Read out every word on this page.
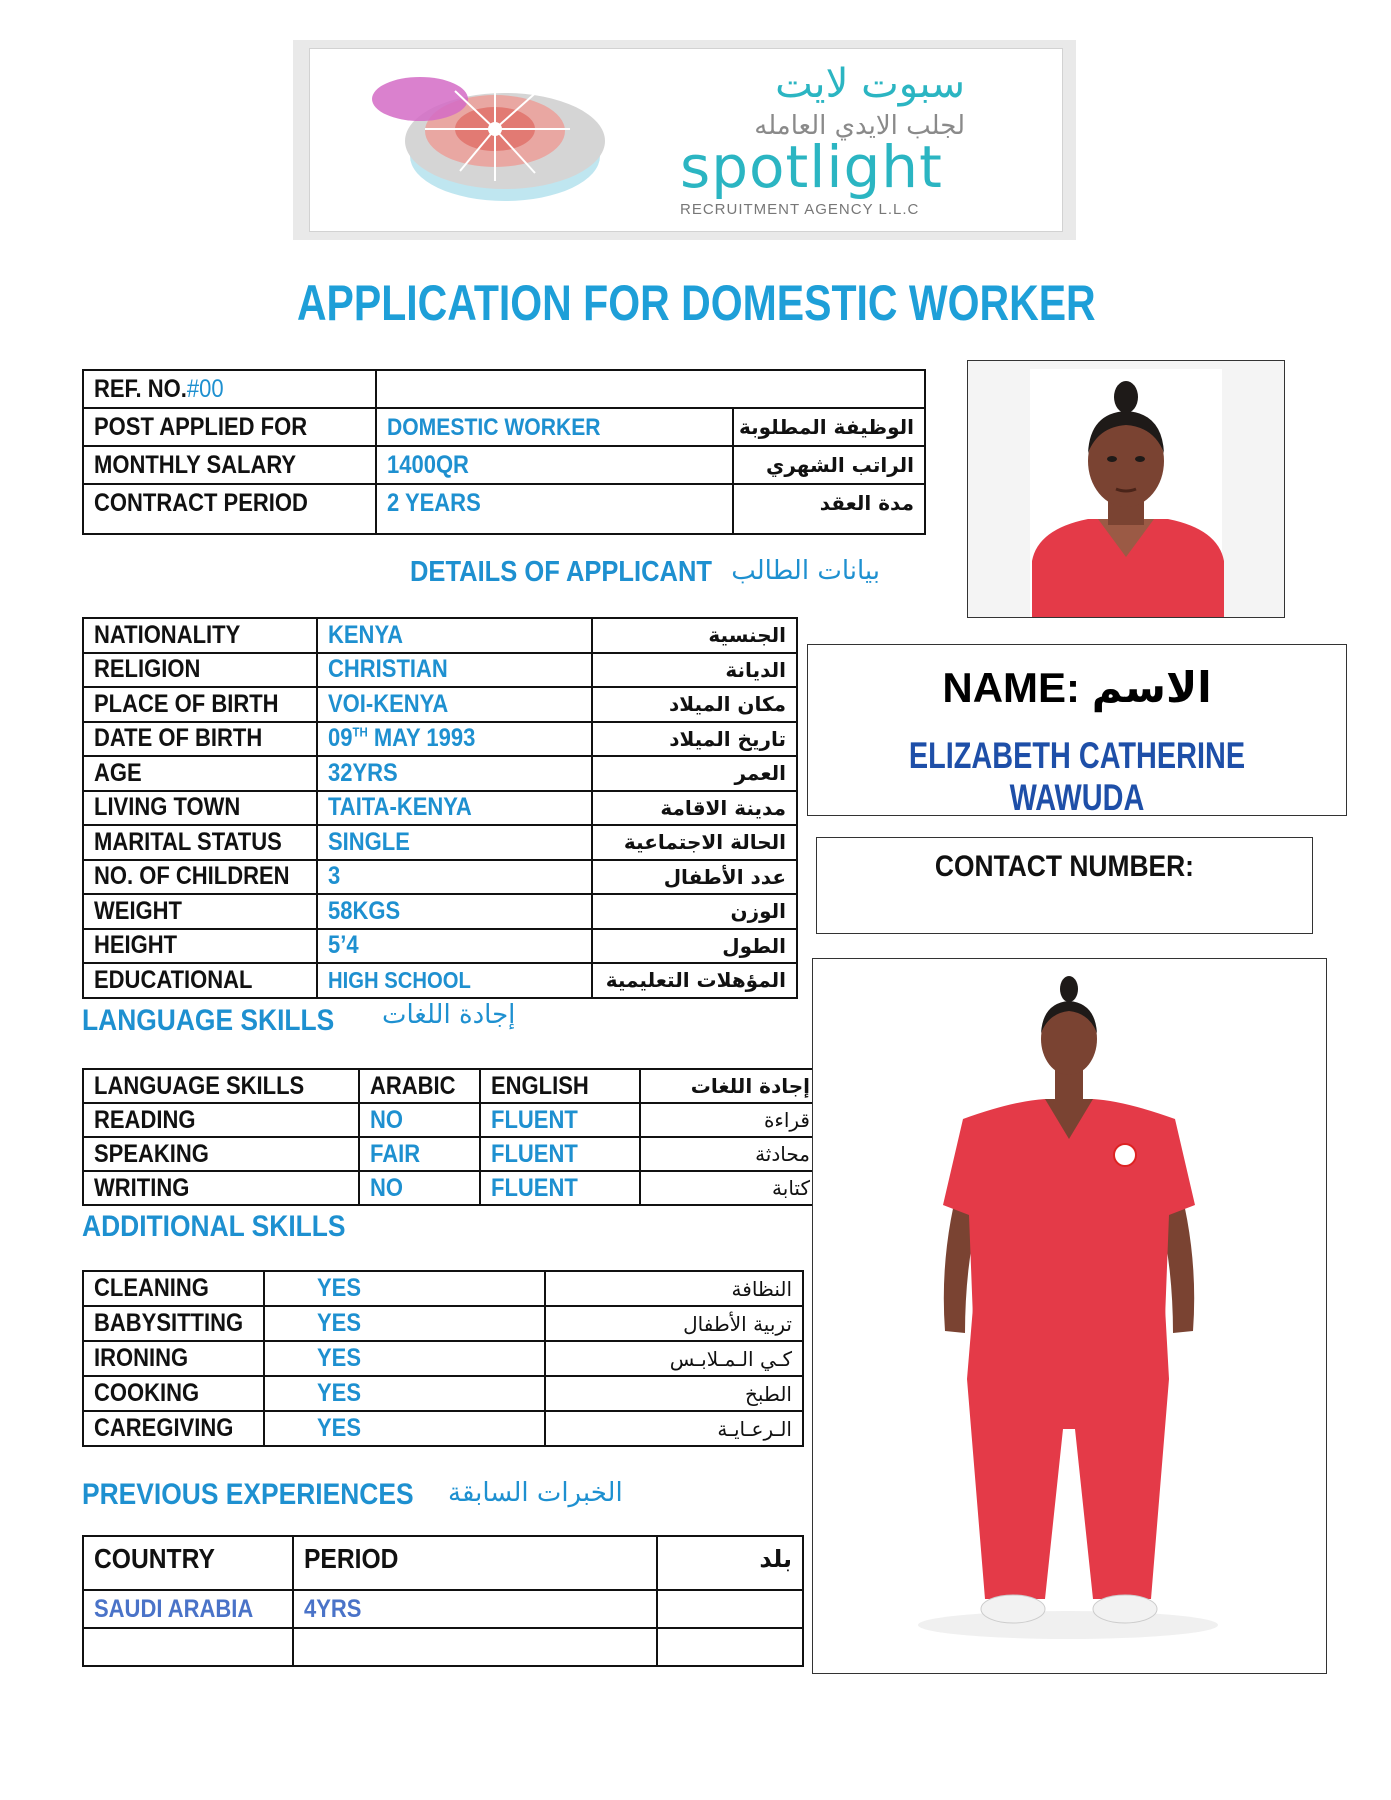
سبوت لايت
لجلب الايدي العامله
spotlight
RECRUITMENT AGENCY L.L.C
APPLICATION FOR DOMESTIC WORKER
REF. NO.#00		
POST APPLIED FOR	DOMESTIC WORKER	الوظيفة المطلوبة
MONTHLY SALARY	1400QR	الراتب الشهري
CONTRACT PERIOD	2 YEARS	مدة العقد
DETAILS OF APPLICANT بيانات الطالب
NATIONALITY	KENYA	الجنسية
RELIGION	CHRISTIAN	الديانة
PLACE OF BIRTH	VOI-KENYA	مكان الميلاد
DATE OF BIRTH	09TH MAY 1993	تاريخ الميلاد
AGE	32YRS	العمر
LIVING TOWN	TAITA-KENYA	مدينة الاقامة
MARITAL STATUS	SINGLE	الحالة الاجتماعية
NO. OF CHILDREN	3	عدد الأطفال
WEIGHT	58KGS	الوزن
HEIGHT	5’4	الطول
EDUCATIONAL	HIGH SCHOOL	المؤهلات التعليمية
NAME: الاسم
ELIZABETH CATHERINE WAWUDA
CONTACT NUMBER:
LANGUAGE SKILLS إجادة اللغات
LANGUAGE SKILLS	ARABIC	ENGLISH	إجادة اللغات
READING	NO	FLUENT	قراءة
SPEAKING	FAIR	FLUENT	محادثة
WRITING	NO	FLUENT	كتابة
ADDITIONAL SKILLS
CLEANING	YES	النظافة
BABYSITTING	YES	تربية الأطفال
IRONING	YES	كـي الـمـلابـس
COOKING	YES	الطبخ
CAREGIVING	YES	الـرعـايـة
PREVIOUS EXPERIENCES الخبرات السابقة
COUNTRY	PERIOD	بلد
SAUDI ARABIA	4YRS	
